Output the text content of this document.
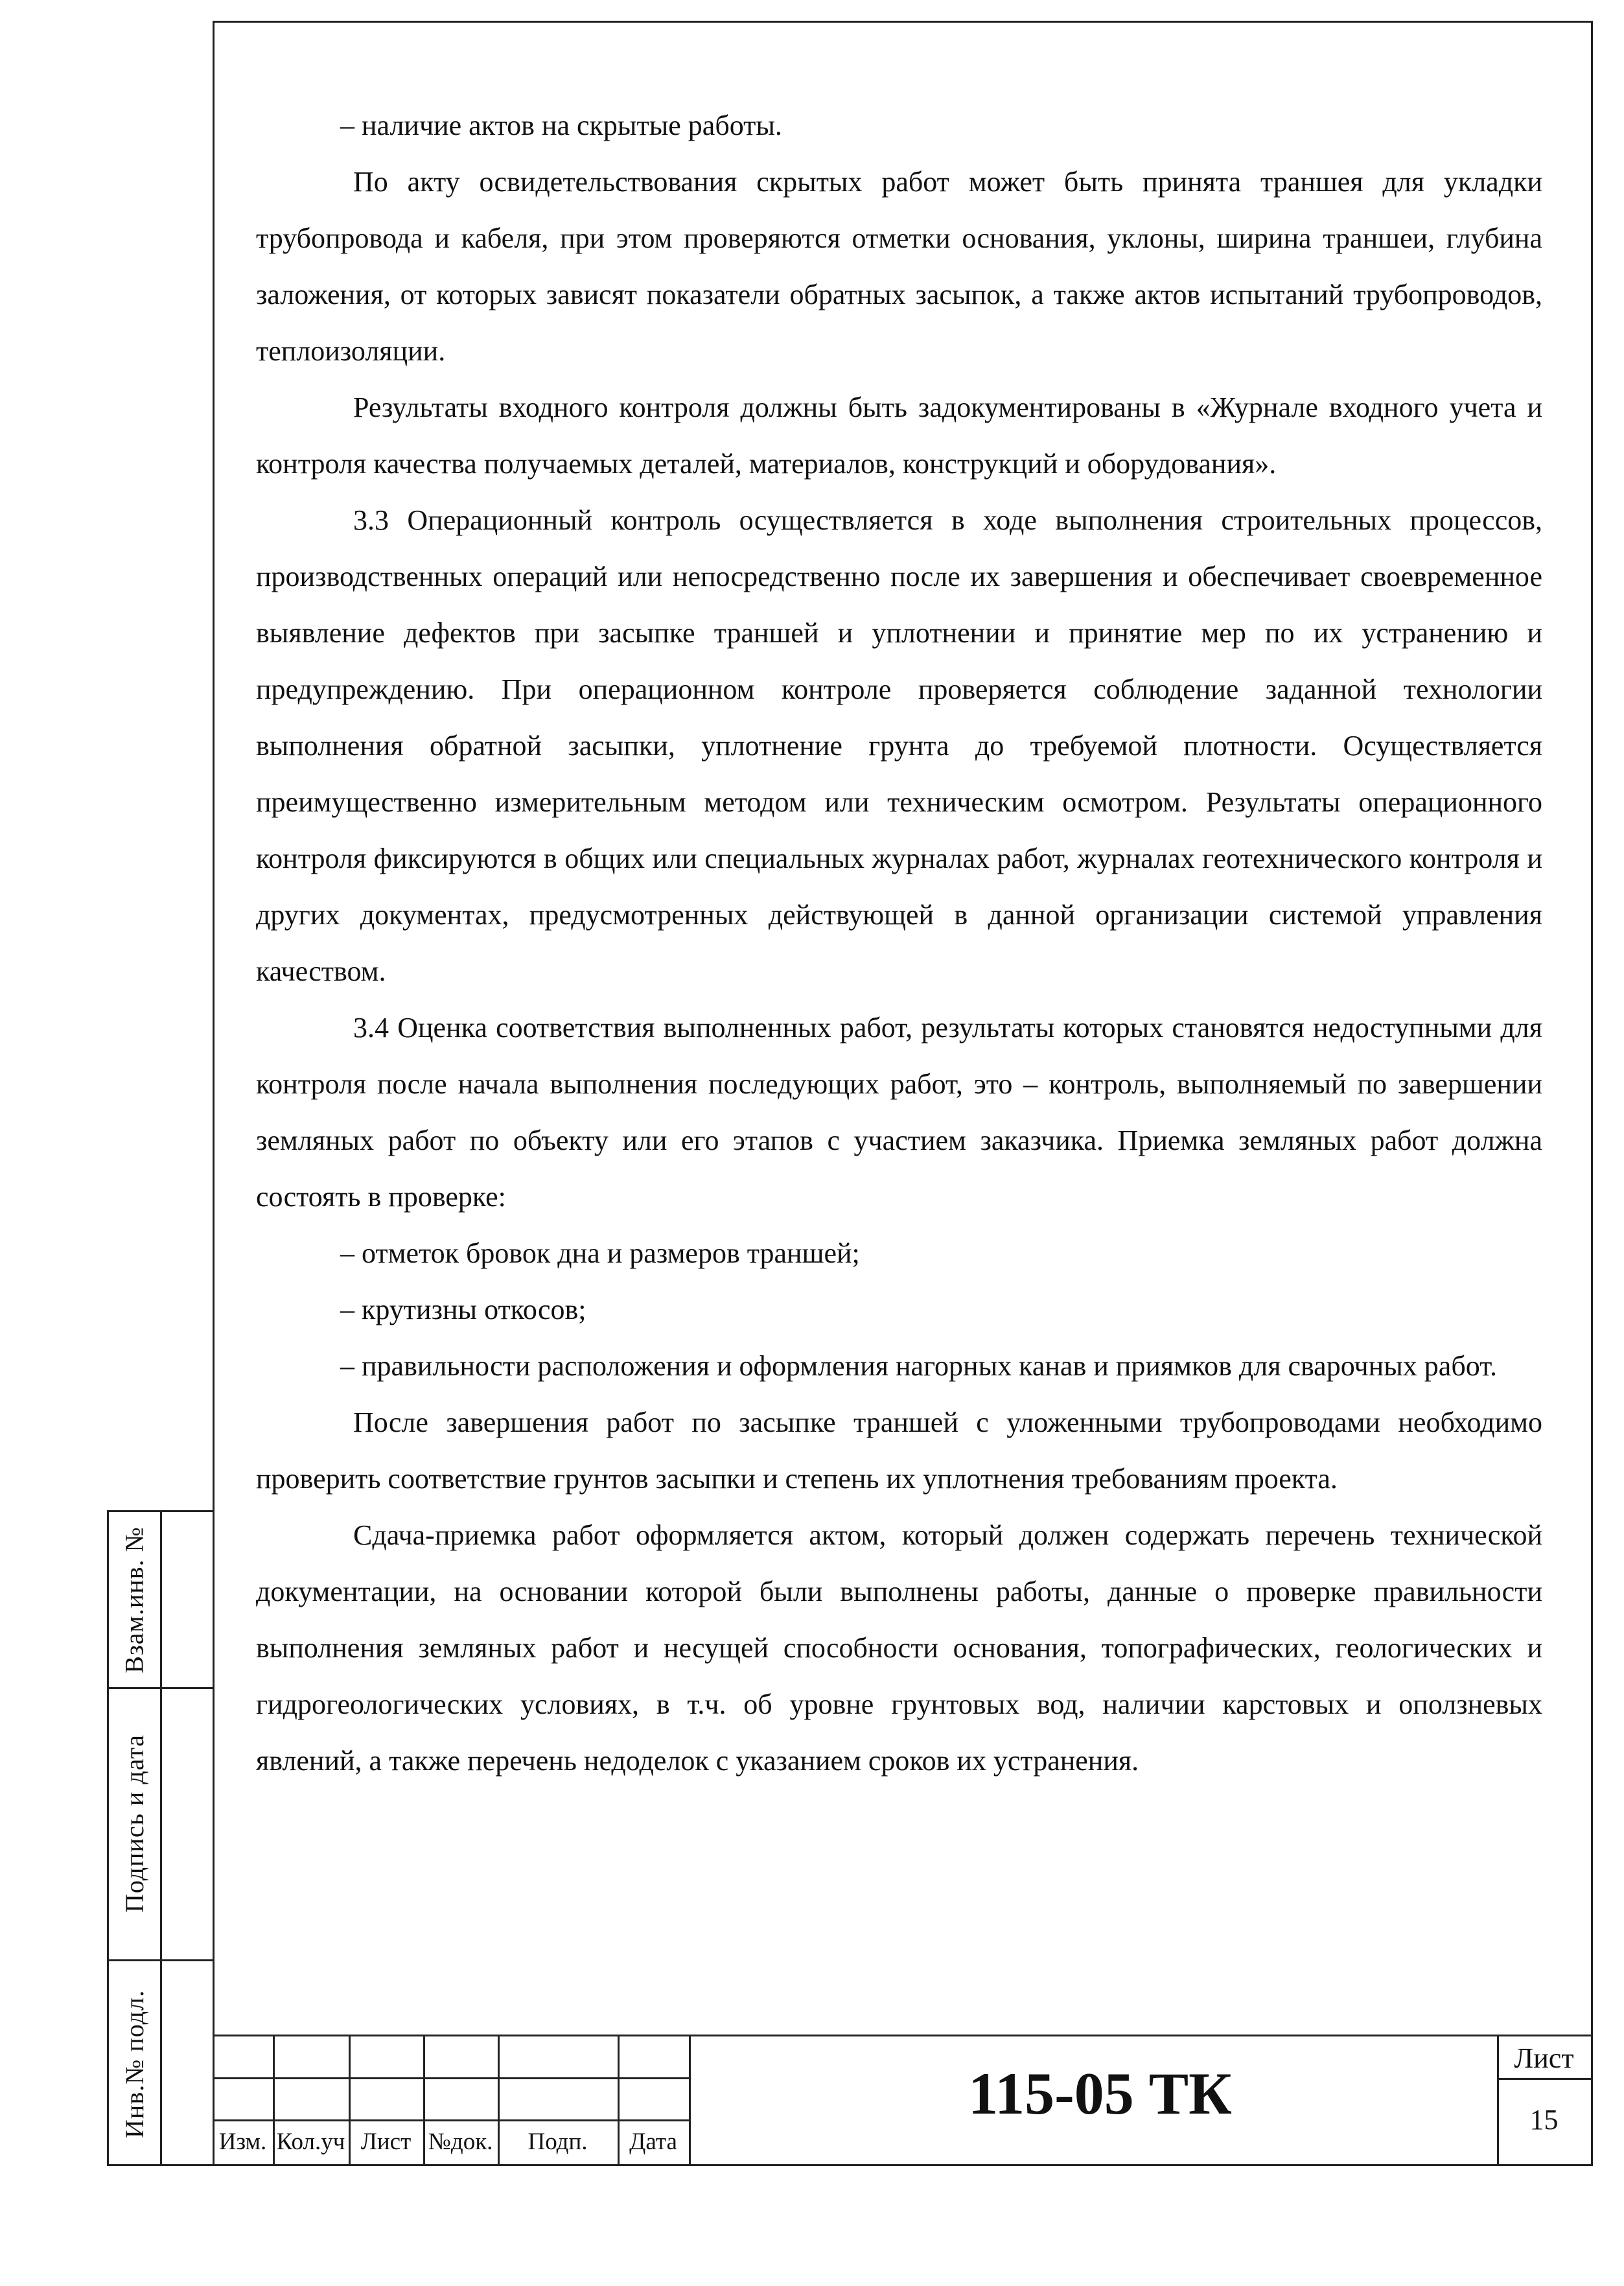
Взам.инв. №
Подпись и дата
Инв.№ подл.

– наличие актов на скрытые работы.

По акту освидетельствования скрытых работ может быть принята траншея для укладки трубопровода и кабеля, при этом проверяются отметки основания, уклоны, ширина траншеи, глубина заложения, от которых зависят показатели обратных засыпок, а также актов испытаний трубопроводов, теплоизоляции.

Результаты входного контроля должны быть задокументированы в «Журнале входного учета и контроля качества получаемых деталей, материалов, конструкций и оборудования».

3.3 Операционный контроль осуществляется в ходе выполнения строительных процессов, производственных операций или непосредственно после их завершения и обеспечивает своевременное выявление дефектов при засыпке траншей и уплотнении и принятие мер по их устранению и предупреждению. При операционном контроле проверяется соблюдение заданной технологии выполнения обратной засыпки, уплотнение грунта до требуемой плотности. Осуществляется преимущественно измерительным методом или техническим осмотром. Результаты операционного контроля фиксируются в общих или специальных журналах работ, журналах геотехнического контроля и других документах, предусмотренных действующей в данной организации системой управления качеством.

3.4 Оценка соответствия выполненных работ, результаты которых становятся недоступными для контроля после начала выполнения последующих работ, это – контроль, выполняемый по завершении земляных работ по объекту или его этапов с участием заказчика. Приемка земляных работ должна состоять в проверке:

– отметок бровок дна и размеров траншей;

– крутизны откосов;

– правильности расположения и оформления нагорных канав и приямков для сварочных работ.

После завершения работ по засыпке траншей с уложенными трубопроводами необходимо проверить соответствие грунтов засыпки и степень их уплотнения требованиям проекта.

Сдача-приемка работ оформляется актом, который должен содержать перечень технической документации, на основании которой были выполнены работы, данные о проверке правильности выполнения земляных работ и несущей способности основания, топографических, геологических и гидрогеологических условиях, в т.ч. об уровне грунтовых вод, наличии карстовых и оползневых явлений, а также перечень недоделок с указанием сроков их устранения.

Изм. Кол.уч Лист №док.	Подп.	Дата
115-05 ТК
Лист
15
